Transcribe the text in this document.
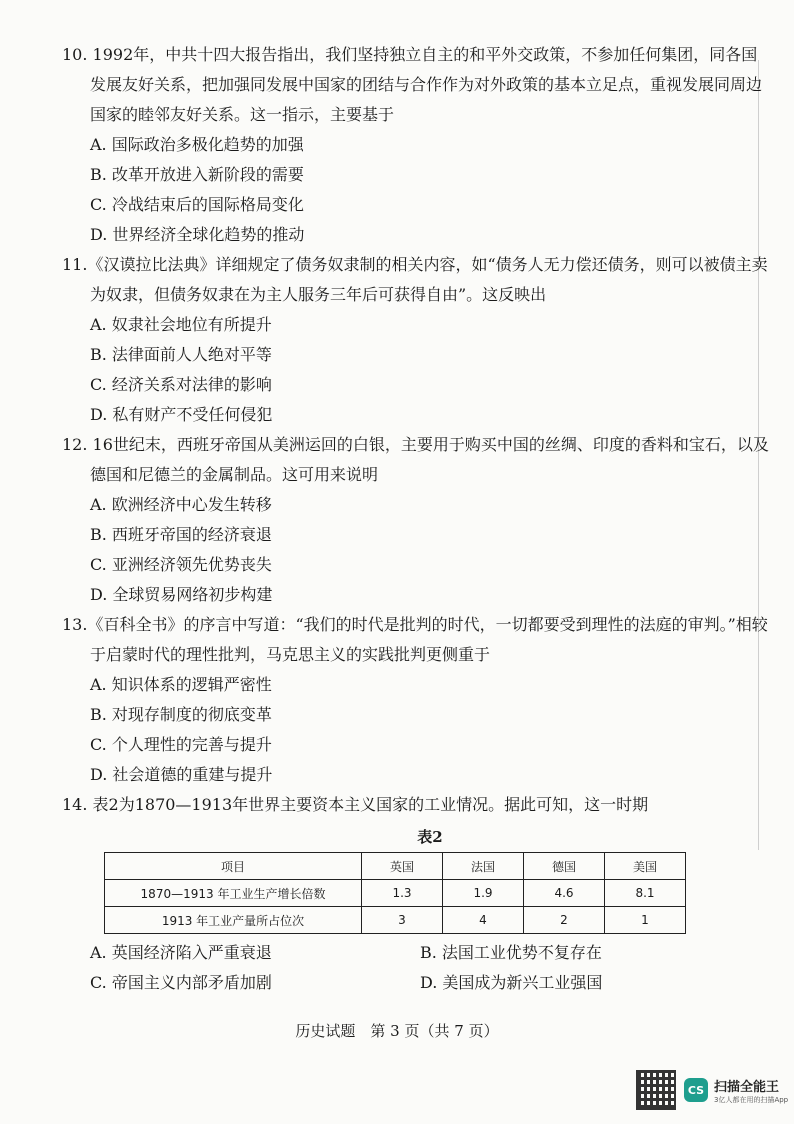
10. 1992年，中共十四大报告指出，我们坚持独立自主的和平外交政策，不参加任何集团，同各国发展友好关系，把加强同发展中国家的团结与合作作为对外政策的基本立足点，重视发展同周边国家的睦邻友好关系。这一指示，主要基于

A. 国际政治多极化趋势的加强

B. 改革开放进入新阶段的需要

C. 冷战结束后的国际格局变化

D. 世界经济全球化趋势的推动

11.《汉谟拉比法典》详细规定了债务奴隶制的相关内容，如“债务人无力偿还债务，则可以被债主卖为奴隶，但债务奴隶在为主人服务三年后可获得自由”。这反映出

A. 奴隶社会地位有所提升

B. 法律面前人人绝对平等

C. 经济关系对法律的影响

D. 私有财产不受任何侵犯

12. 16世纪末，西班牙帝国从美洲运回的白银，主要用于购买中国的丝绸、印度的香料和宝石，以及德国和尼德兰的金属制品。这可用来说明

A. 欧洲经济中心发生转移

B. 西班牙帝国的经济衰退

C. 亚洲经济领先优势丧失

D. 全球贸易网络初步构建

13.《百科全书》的序言中写道：“我们的时代是批判的时代，一切都要受到理性的法庭的审判。”相较于启蒙时代的理性批判，马克思主义的实践批判更侧重于

A. 知识体系的逻辑严密性

B. 对现存制度的彻底变革

C. 个人理性的完善与提升

D. 社会道德的重建与提升

14. 表2为1870—1913年世界主要资本主义国家的工业情况。据此可知，这一时期

表2
项目	英国	法国	德国	美国
1870—1913 年工业生产增长倍数	1.3	1.9	4.6	8.1
1913 年工业产量所占位次	3	4	2	1
A. 英国经济陷入严重衰退	B. 法国工业优势不复存在
C. 帝国主义内部矛盾加剧	D. 美国成为新兴工业强国
历史试题　第 3 页（共 7 页）
CS 扫描全能王
3亿人都在用的扫描App
